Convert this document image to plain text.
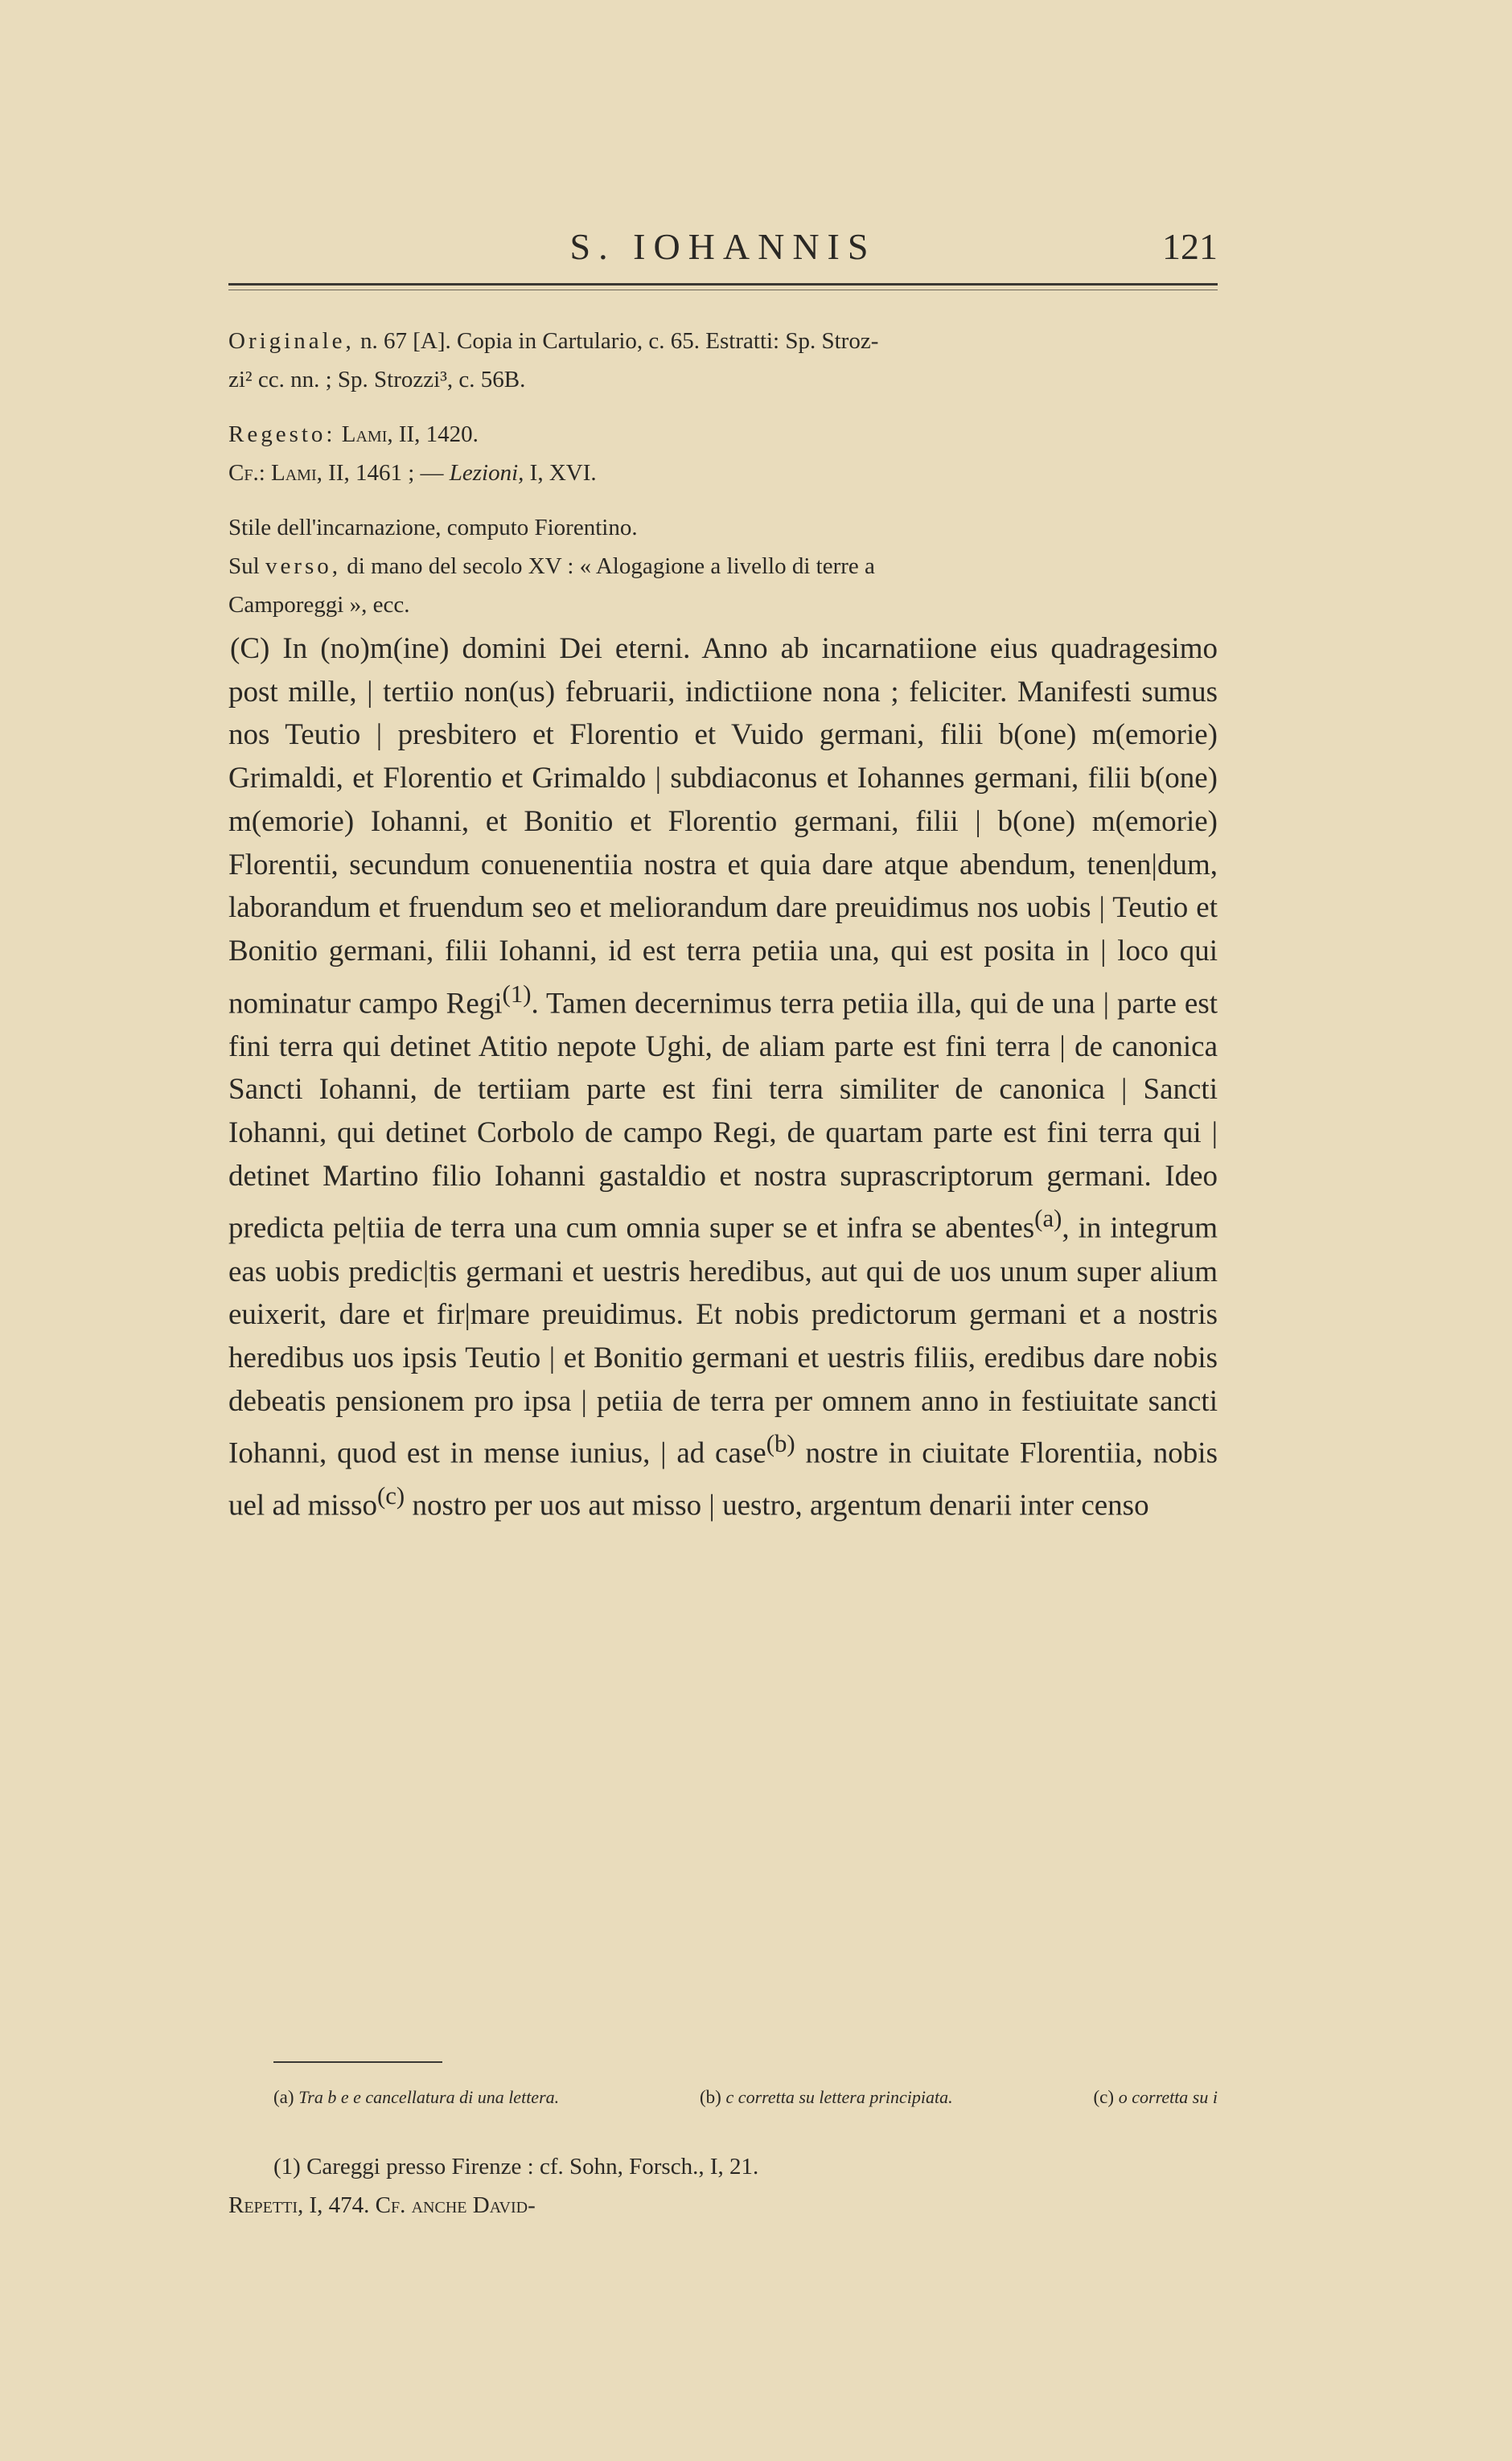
S. IOHANNIS	121

Originale, n. 67 [A]. Copia in Cartulario, c. 65. Estratti: Sp. Stroz-

zi² cc. nn. ; Sp. Strozzi³, c. 56B.

Regesto: Lami, II, 1420.

Cf.: Lami, II, 1461 ; — Lezioni, I, XVI.

Stile dell'incarnazione, computo Fiorentino.

Sul verso, di mano del secolo XV : « Alogagione a livello di terre a

Camporeggi », ecc.

(C) In (no)m(ine) domini Dei eterni. Anno ab incarnatiione eius quadragesimo post mille, | tertiio non(us) februarii, indictiione nona ; feliciter. Manifesti sumus nos Teutio | presbitero et Florentio et Vuido germani, filii b(one) m(emorie) Grimaldi, et Florentio et Grimaldo | subdiaconus et Iohannes germani, filii b(one) m(emorie) Iohanni, et Bonitio et Florentio germani, filii | b(one) m(emorie) Florentii, secundum conuenentiia nostra et quia dare atque abendum, tenen|dum, laborandum et fruendum seo et meliorandum dare preuidimus nos uobis | Teutio et Bonitio germani, filii Iohanni, id est terra petiia una, qui est posita in | loco qui nominatur campo Regi$^{(1)}$. Tamen decernimus terra petiia illa, qui de una | parte est fini terra qui detinet Atitio nepote Ughi, de aliam parte est fini terra | de canonica Sancti Iohanni, de tertiiam parte est fini terra similiter de canonica | Sancti Iohanni, qui detinet Corbolo de campo Regi, de quartam parte est fini terra qui | detinet Martino filio Iohanni gastaldio et nostra suprascriptorum germani. Ideo predicta pe|tiia de terra una cum omnia super se et infra se abentes$^{(a)}$, in integrum eas uobis predic|tis germani et uestris heredibus, aut qui de uos unum super alium euixerit, dare et fir|mare preuidimus. Et nobis predictorum germani et a nostris heredibus uos ipsis Teutio | et Bonitio germani et uestris filiis, eredibus dare nobis debeatis pensionem pro ipsa | petiia de terra per omnem anno in festiuitate sancti Iohanni, quod est in mense iunius, | ad case$^{(b)}$ nostre in ciuitate Florentiia, nobis uel ad misso$^{(c)}$ nostro per uos aut misso | uestro, argentum denarii inter censo

(a) Tra b e e cancellatura di una lettera.	(b) c corretta su lettera principiata.	(c) o corretta su i

(1) Careggi presso Firenze : cf. Sohn, Forsch., I, 21.

Repetti, I, 474. Cf. anche David-
